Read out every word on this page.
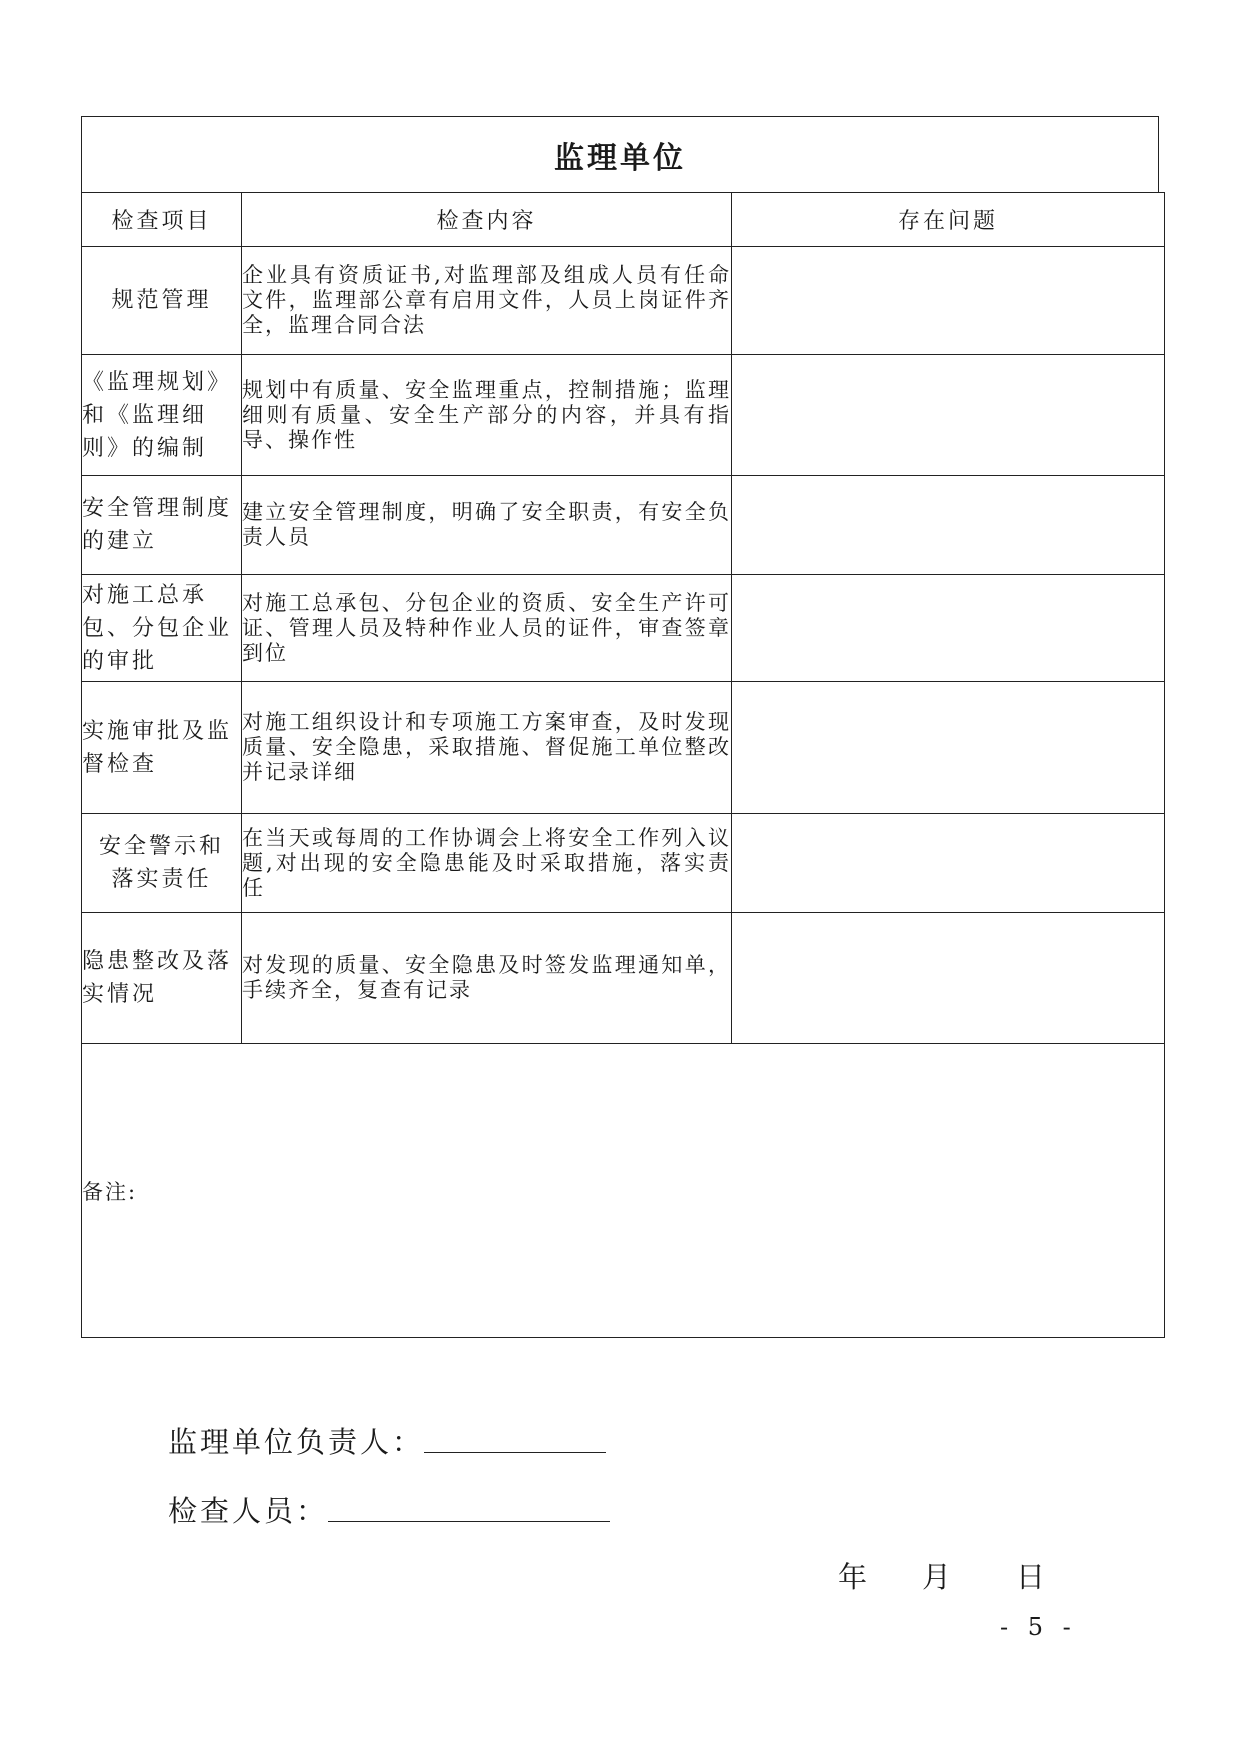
监理单位
检查项目	检查内容	存在问题
规范管理	企业具有资质证书,对监理部及组成人员有任命文件，监理部公章有启用文件，人员上岗证件齐全，监理合同合法	
《监理规划》和《监理细则》的编制	规划中有质量、安全监理重点，控制措施；监理细则有质量、安全生产部分的内容，并具有指导、操作性	
安全管理制度的建立	建立安全管理制度，明确了安全职责，有安全负责人员	
对施工总承包、分包企业的审批	对施工总承包、分包企业的资质、安全生产许可证、管理人员及特种作业人员的证件，审查签章到位	
实施审批及监督检查	对施工组织设计和专项施工方案审查，及时发现质量、安全隐患，采取措施、督促施工单位整改并记录详细	
安全警示和落实责任	在当天或每周的工作协调会上将安全工作列入议题,对出现的安全隐患能及时采取措施，落实责任	
隐患整改及落实情况	对发现的质量、安全隐患及时签发监理通知单，手续齐全，复查有记录	
备注:		
监理单位负责人：
检查人员：
年	月	日
- 5 -
